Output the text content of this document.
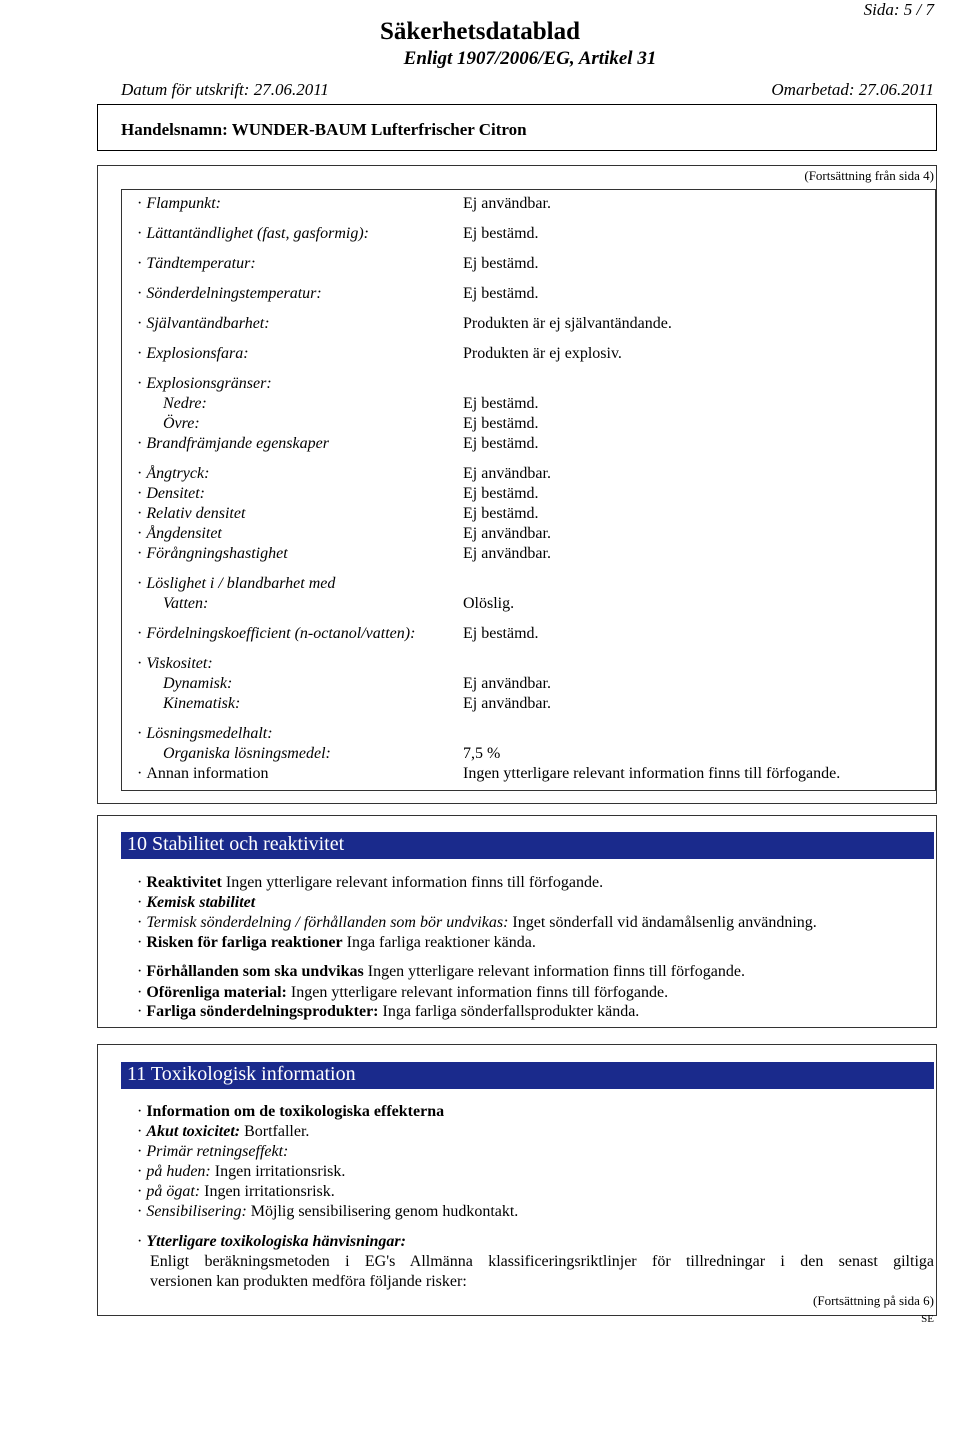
Sida: 5 / 7
Säkerhetsdatablad
Enligt 1907/2006/EG, Artikel 31
Datum för utskrift: 27.06.2011	Omarbetad: 27.06.2011
Handelsnamn: WUNDER-BAUM Lufterfrischer Citron
(Fortsättning från sida 4)
· Flampunkt:	Ej användbar.
· Lättantändlighet (fast, gasformig):	Ej bestämd.
· Tändtemperatur:	Ej bestämd.
· Sönderdelningstemperatur:	Ej bestämd.
· Självantändbarhet:	Produkten är ej självantändande.
· Explosionsfara:	Produkten är ej explosiv.
· Explosionsgränser:
Nedre:	Ej bestämd.
Övre:	Ej bestämd.
· Brandfrämjande egenskaper	Ej bestämd.
· Ångtryck:	Ej användbar.
· Densitet:	Ej bestämd.
· Relativ densitet	Ej bestämd.
· Ångdensitet	Ej användbar.
· Förångningshastighet	Ej användbar.
· Löslighet i / blandbarhet med
Vatten:	Olöslig.
· Fördelningskoefficient (n-octanol/vatten):	Ej bestämd.
· Viskositet:
Dynamisk:	Ej användbar.
Kinematisk:	Ej användbar.
· Lösningsmedelhalt:
Organiska lösningsmedel:	7,5 %
· Annan information	Ingen ytterligare relevant information finns till förfogande.
10 Stabilitet och reaktivitet
· Reaktivitet Ingen ytterligare relevant information finns till förfogande.
· Kemisk stabilitet
· Termisk sönderdelning / förhållanden som bör undvikas: Inget sönderfall vid ändamålsenlig användning.
· Risken för farliga reaktioner Inga farliga reaktioner kända.
· Förhållanden som ska undvikas Ingen ytterligare relevant information finns till förfogande.
· Oförenliga material: Ingen ytterligare relevant information finns till förfogande.
· Farliga sönderdelningsprodukter: Inga farliga sönderfallsprodukter kända.
11 Toxikologisk information
· Information om de toxikologiska effekterna
· Akut toxicitet: Bortfaller.
· Primär retningseffekt:
· på huden: Ingen irritationsrisk.
· på ögat: Ingen irritationsrisk.
· Sensibilisering: Möjlig sensibilisering genom hudkontakt.
· Ytterligare toxikologiska hänvisningar:
Enligt beräkningsmetoden i EG's Allmänna klassificeringsriktlinjer för tillredningar i den senast giltiga
versionen kan produkten medföra följande risker:
(Fortsättning på sida 6)
SE
